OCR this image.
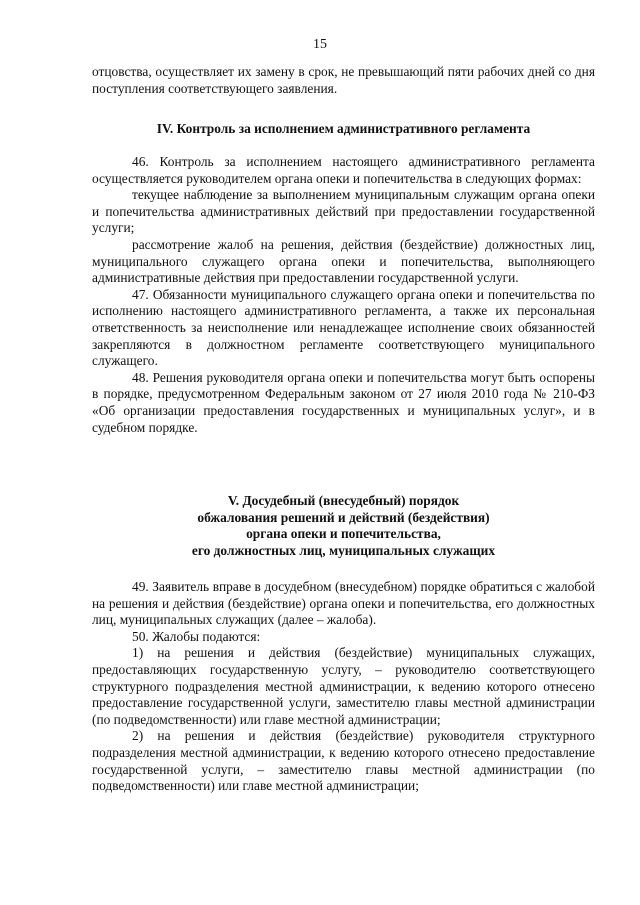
15

отцовства, осуществляет их замену в срок, не превышающий пяти рабочих дней со дня поступления соответствующего заявления.

IV. Контроль за исполнением административного регламента

46. Контроль за исполнением настоящего административного регламента осуществляется руководителем органа опеки и попечительства в следующих формах:

текущее наблюдение за выполнением муниципальным служащим органа опеки и попечительства административных действий при предоставлении государственной услуги;

рассмотрение жалоб на решения, действия (бездействие) должностных лиц, муниципального служащего органа опеки и попечительства, выполняющего административные действия при предоставлении государственной услуги.

47. Обязанности муниципального служащего органа опеки и попечительства по исполнению настоящего административного регламента, а также их персональная ответственность за неисполнение или ненадлежащее исполнение своих обязанностей закрепляются в должностном регламенте соответствующего муниципального служащего.

48. Решения руководителя органа опеки и попечительства могут быть оспорены в порядке, предусмотренном Федеральным законом от 27 июля 2010 года № 210-ФЗ «Об организации предоставления государственных и муниципальных услуг», и в судебном порядке.

V. Досудебный (внесудебный) порядок

обжалования решений и действий (бездействия)

органа опеки и попечительства,

его должностных лиц, муниципальных служащих

49. Заявитель вправе в досудебном (внесудебном) порядке обратиться с жалобой на решения и действия (бездействие) органа опеки и попечительства, его должностных лиц, муниципальных служащих (далее – жалоба).

50. Жалобы подаются:

1) на решения и действия (бездействие) муниципальных служащих, предоставляющих государственную услугу, – руководителю соответствующего структурного подразделения местной администрации, к ведению которого отнесено предоставление государственной услуги, заместителю главы местной администрации (по подведомственности) или главе местной администрации;

2) на решения и действия (бездействие) руководителя структурного подразделения местной администрации, к ведению которого отнесено предоставление государственной услуги, – заместителю главы местной администрации (по подведомственности) или главе местной администрации;
